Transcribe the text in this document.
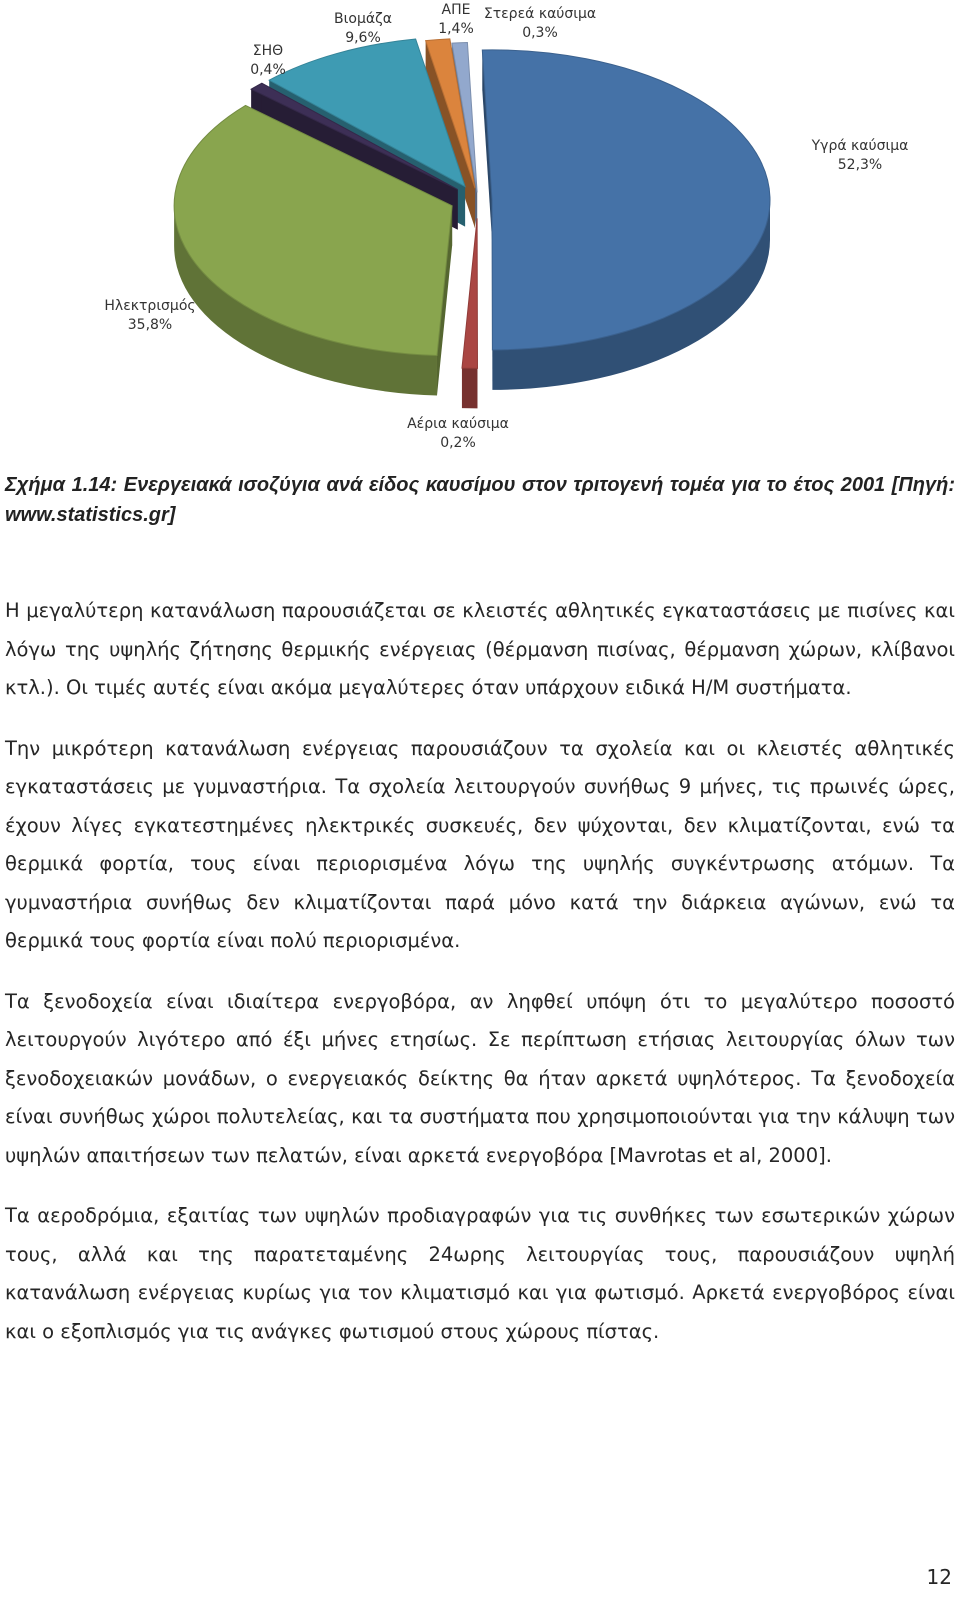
Υγρά καύσιμα
52,3%
Αέρια καύσιμα
0,2%
Ηλεκτρισμός
35,8%
ΣΗΘ
0,4%
Βιομάζα
9,6%
ΑΠΕ
1,4%
Στερεά καύσιμα
0,3%

Σχήμα 1.14: Ενεργειακά ισοζύγια ανά είδος καυσίμου στον τριτογενή τομέα για το έτος 2001 [Πηγή: www.statistics.gr]

Η μεγαλύτερη κατανάλωση παρουσιάζεται σε κλειστές αθλητικές εγκαταστάσεις με πισίνες και λόγω της υψηλής ζήτησης θερμικής ενέργειας (θέρμανση πισίνας, θέρμανση χώρων, κλίβανοι κτλ.). Οι τιμές αυτές είναι ακόμα μεγαλύτερες όταν υπάρχουν ειδικά Η/Μ συστήματα.

Την μικρότερη κατανάλωση ενέργειας παρουσιάζουν τα σχολεία και οι κλειστές αθλητικές εγκαταστάσεις με γυμναστήρια. Τα σχολεία λειτουργούν συνήθως 9 μήνες, τις πρωινές ώρες, έχουν λίγες εγκατεστημένες ηλεκτρικές συσκευές, δεν ψύχονται, δεν κλιματίζονται, ενώ τα θερμικά φορτία, τους είναι περιορισμένα λόγω της υψηλής συγκέντρωσης ατόμων. Τα γυμναστήρια συνήθως δεν κλιματίζονται παρά μόνο κατά την διάρκεια αγώνων, ενώ τα θερμικά τους φορτία είναι πολύ περιορισμένα.

Τα ξενοδοχεία είναι ιδιαίτερα ενεργοβόρα, αν ληφθεί υπόψη ότι το μεγαλύτερο ποσοστό λειτουργούν λιγότερο από έξι μήνες ετησίως. Σε περίπτωση ετήσιας λειτουργίας όλων των ξενοδοχειακών μονάδων, ο ενεργειακός δείκτης θα ήταν αρκετά υψηλότερος. Τα ξενοδοχεία είναι συνήθως χώροι πολυτελείας, και τα συστήματα που χρησιμοποιούνται για την κάλυψη των υψηλών απαιτήσεων των πελατών, είναι αρκετά ενεργοβόρα [Mavrotas et al, 2000].

Τα αεροδρόμια, εξαιτίας των υψηλών προδιαγραφών για τις συνθήκες των εσωτερικών χώρων τους, αλλά και της παρατεταμένης 24ωρης λειτουργίας τους, παρουσιάζουν υψηλή κατανάλωση ενέργειας κυρίως για τον κλιματισμό και για φωτισμό. Αρκετά ενεργοβόρος είναι και ο εξοπλισμός για τις ανάγκες φωτισμού στους χώρους πίστας.

12
